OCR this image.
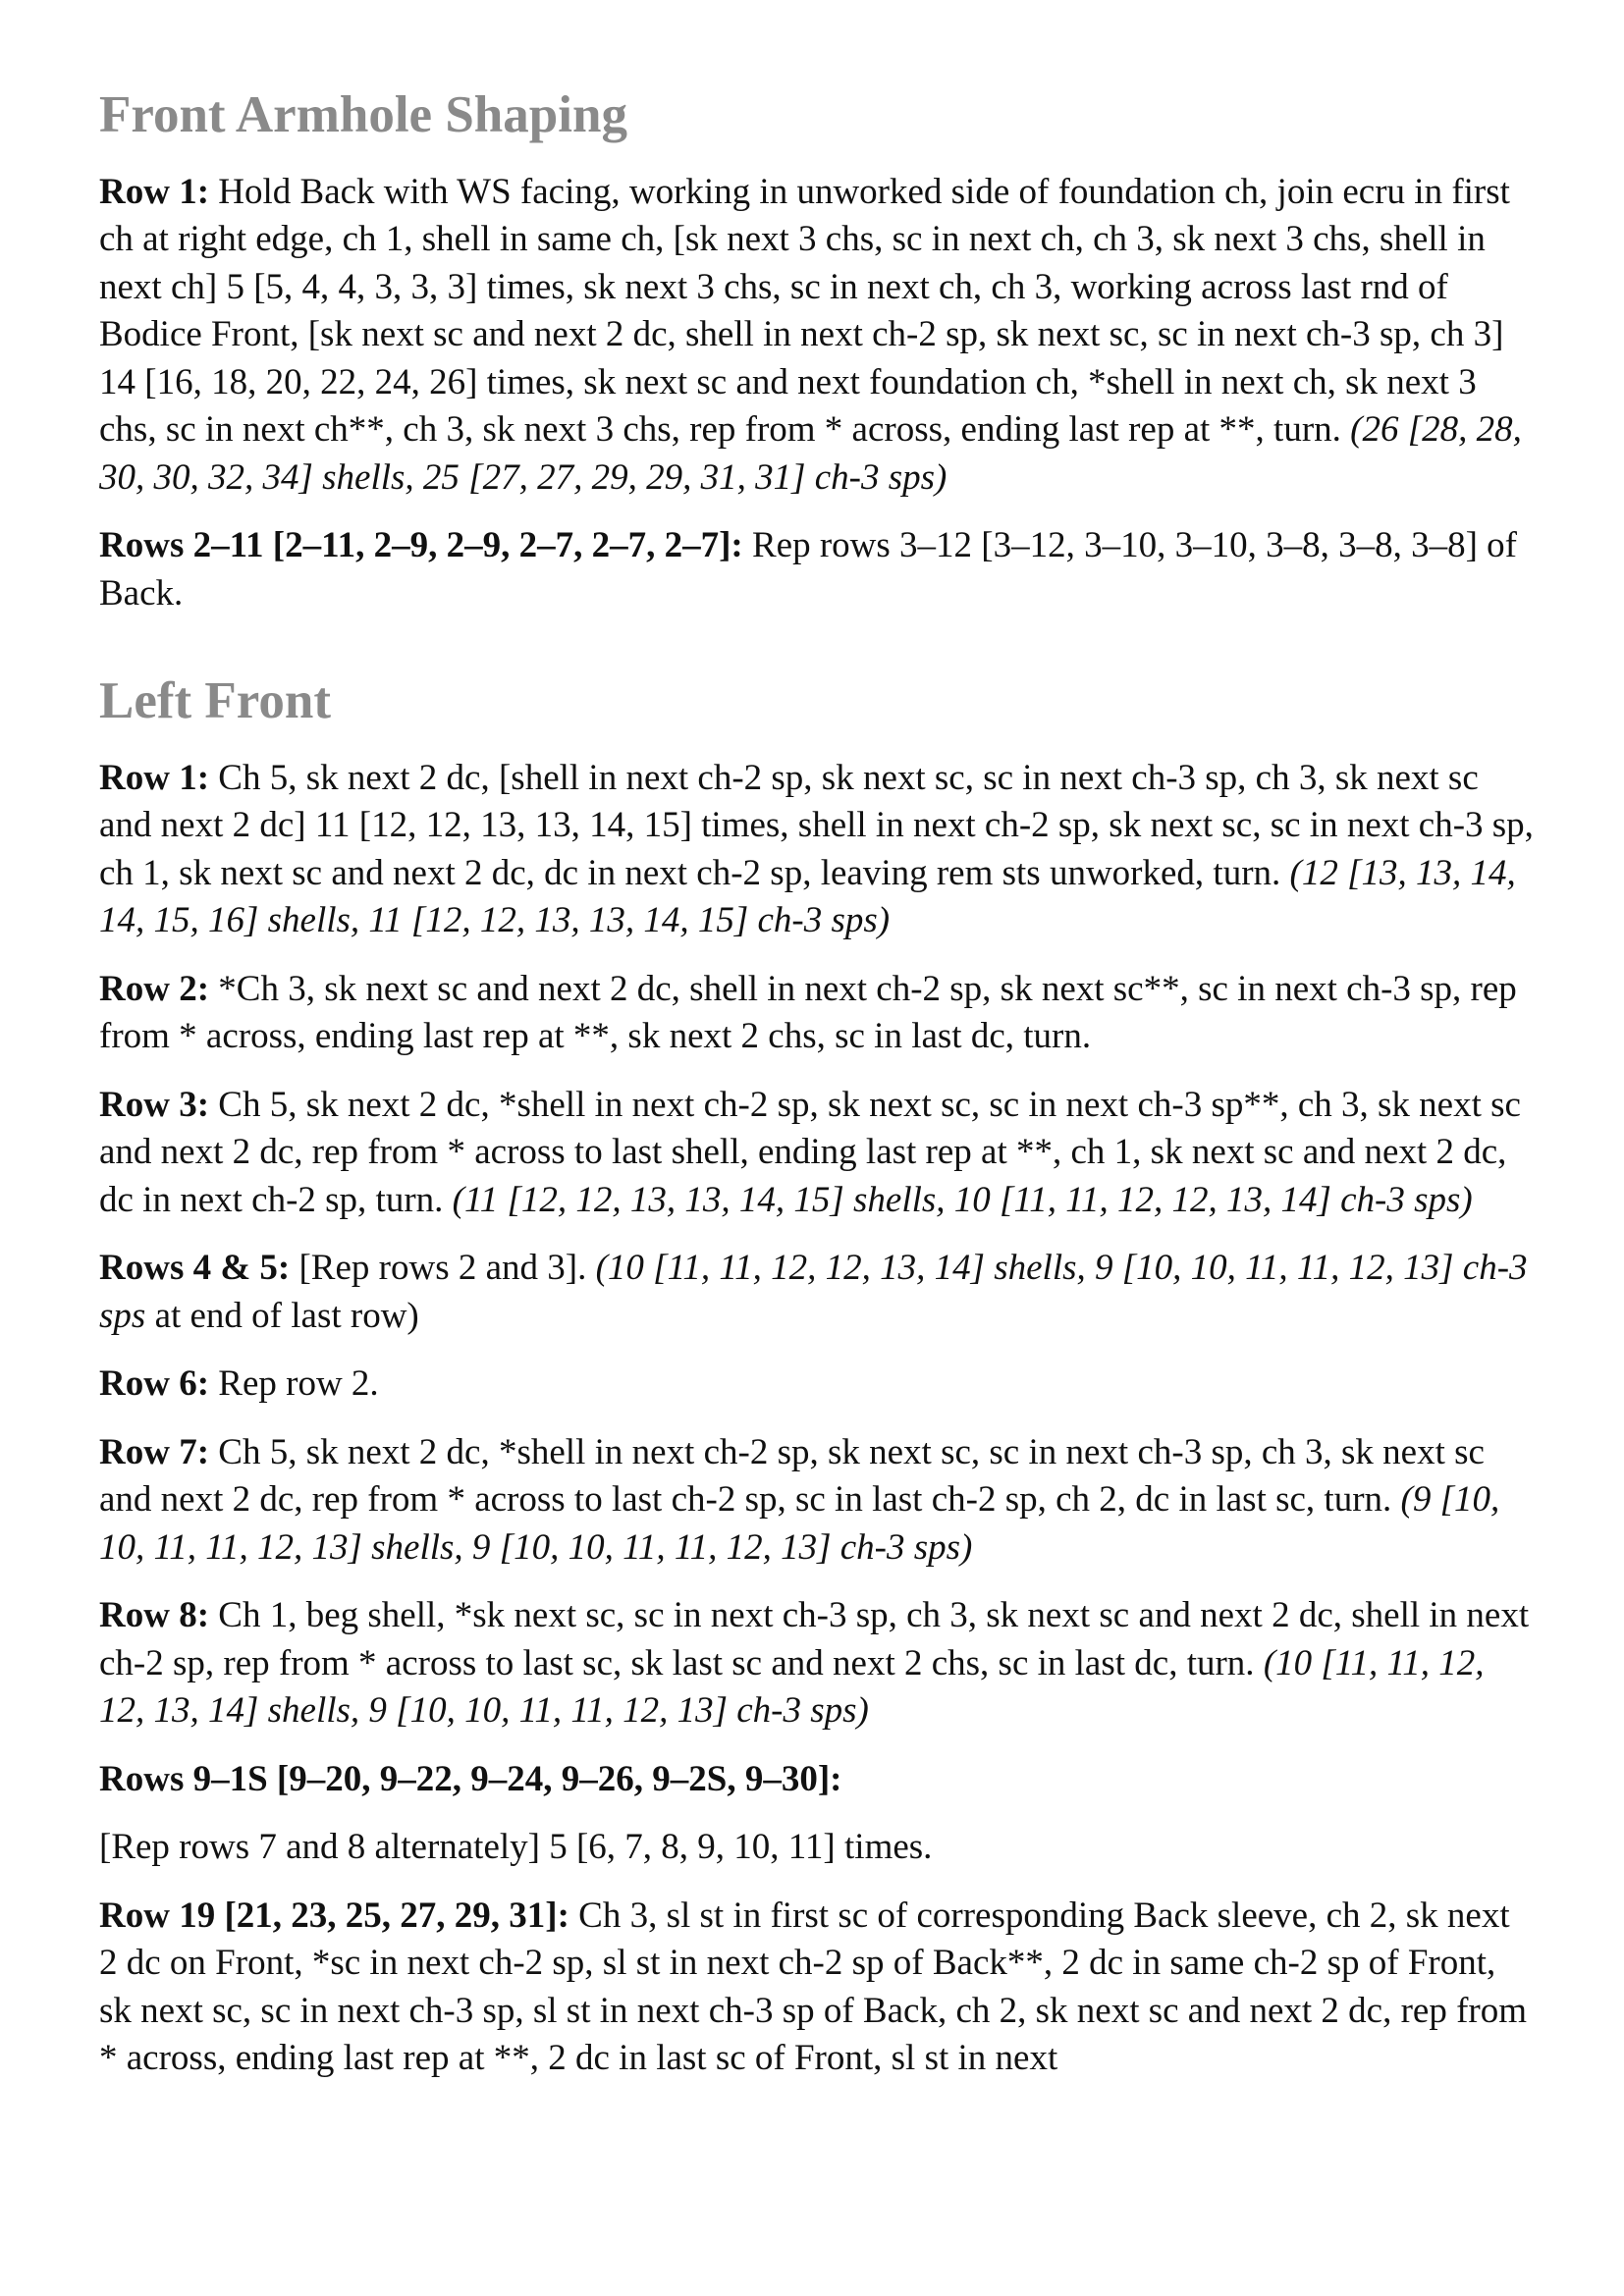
Front Armhole Shaping

Row 1: Hold Back with WS facing, working in unworked side of foundation ch, join ecru in first ch at right edge, ch 1, shell in same ch, [sk next 3 chs, sc in next ch, ch 3, sk next 3 chs, shell in next ch] 5 [5, 4, 4, 3, 3, 3] times, sk next 3 chs, sc in next ch, ch 3, working across last rnd of Bodice Front, [sk next sc and next 2 dc, shell in next ch-2 sp, sk next sc, sc in next ch-3 sp, ch 3] 14 [16, 18, 20, 22, 24, 26] times, sk next sc and next foundation ch, *shell in next ch, sk next 3 chs, sc in next ch**, ch 3, sk next 3 chs, rep from * across, ending last rep at **, turn. (26 [28, 28, 30, 30, 32, 34] shells, 25 [27, 27, 29, 29, 31, 31] ch-3 sps)

Rows 2–11 [2–11, 2–9, 2–9, 2–7, 2–7, 2–7]: Rep rows 3–12 [3–12, 3–10, 3–10, 3–8, 3–8, 3–8] of Back.

Left Front

Row 1: Ch 5, sk next 2 dc, [shell in next ch-2 sp, sk next sc, sc in next ch-3 sp, ch 3, sk next sc and next 2 dc] 11 [12, 12, 13, 13, 14, 15] times, shell in next ch-2 sp, sk next sc, sc in next ch-3 sp, ch 1, sk next sc and next 2 dc, dc in next ch-2 sp, leaving rem sts unworked, turn. (12 [13, 13, 14, 14, 15, 16] shells, 11 [12, 12, 13, 13, 14, 15] ch-3 sps)

Row 2: *Ch 3, sk next sc and next 2 dc, shell in next ch-2 sp, sk next sc**, sc in next ch-3 sp, rep from * across, ending last rep at **, sk next 2 chs, sc in last dc, turn.

Row 3: Ch 5, sk next 2 dc, *shell in next ch-2 sp, sk next sc, sc in next ch-3 sp**, ch 3, sk next sc and next 2 dc, rep from * across to last shell, ending last rep at **, ch 1, sk next sc and next 2 dc, dc in next ch-2 sp, turn. (11 [12, 12, 13, 13, 14, 15] shells, 10 [11, 11, 12, 12, 13, 14] ch-3 sps)

Rows 4 & 5: [Rep rows 2 and 3]. (10 [11, 11, 12, 12, 13, 14] shells, 9 [10, 10, 11, 11, 12, 13] ch-3 sps at end of last row)

Row 6: Rep row 2.

Row 7: Ch 5, sk next 2 dc, *shell in next ch-2 sp, sk next sc, sc in next ch-3 sp, ch 3, sk next sc and next 2 dc, rep from * across to last ch-2 sp, sc in last ch-2 sp, ch 2, dc in last sc, turn. (9 [10, 10, 11, 11, 12, 13] shells, 9 [10, 10, 11, 11, 12, 13] ch-3 sps)

Row 8: Ch 1, beg shell, *sk next sc, sc in next ch-3 sp, ch 3, sk next sc and next 2 dc, shell in next ch-2 sp, rep from * across to last sc, sk last sc and next 2 chs, sc in last dc, turn. (10 [11, 11, 12, 12, 13, 14] shells, 9 [10, 10, 11, 11, 12, 13] ch-3 sps)

Rows 9–1S [9–20, 9–22, 9–24, 9–26, 9–2S, 9–30]:

[Rep rows 7 and 8 alternately] 5 [6, 7, 8, 9, 10, 11] times.

Row 19 [21, 23, 25, 27, 29, 31]: Ch 3, sl st in first sc of corresponding Back sleeve, ch 2, sk next 2 dc on Front, *sc in next ch-2 sp, sl st in next ch-2 sp of Back**, 2 dc in same ch-2 sp of Front, sk next sc, sc in next ch-3 sp, sl st in next ch-3 sp of Back, ch 2, sk next sc and next 2 dc, rep from * across, ending last rep at **, 2 dc in last sc of Front, sl st in next
